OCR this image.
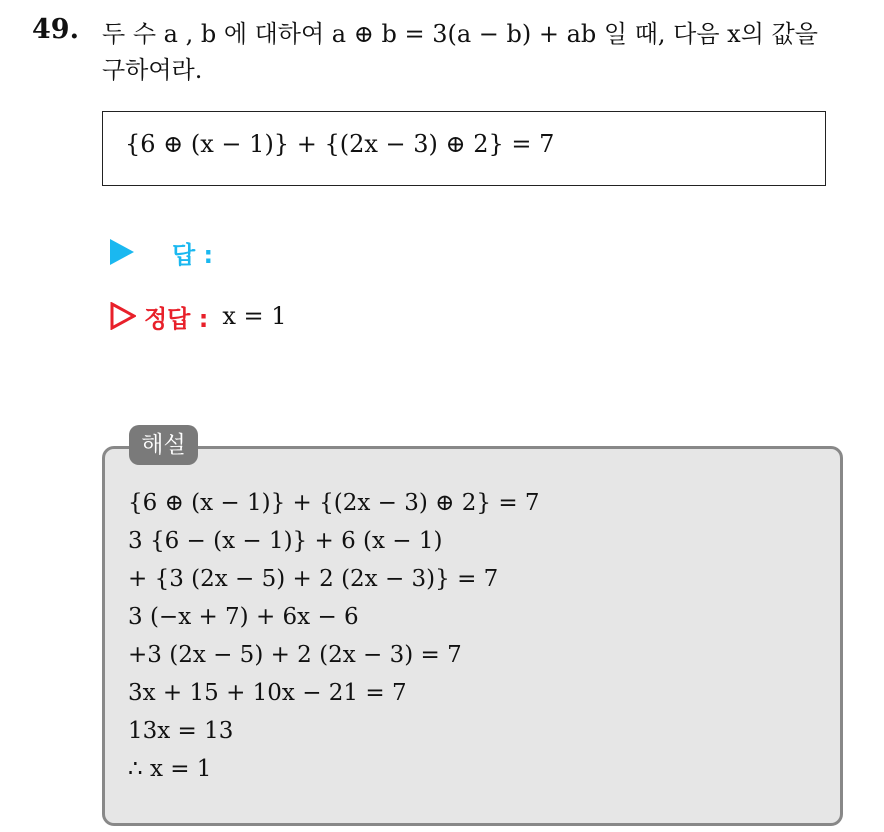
49. 두 수 a , b 에 대하여 a ⊕ b = 3(a − b) + ab 일 때, 다음 x의 값을
구하여라.
{6 ⊕ (x − 1)} + {(2x − 3) ⊕ 2} = 7
답 :
정답 : x = 1
해설
{6 ⊕ (x − 1)} + {(2x − 3) ⊕ 2} = 7
3 {6 − (x − 1)} + 6 (x − 1)
+ {3 (2x − 5) + 2 (2x − 3)} = 7
3 (−x + 7) + 6x − 6
+3 (2x − 5) + 2 (2x − 3) = 7
3x + 15 + 10x − 21 = 7
13x = 13
∴ x = 1
